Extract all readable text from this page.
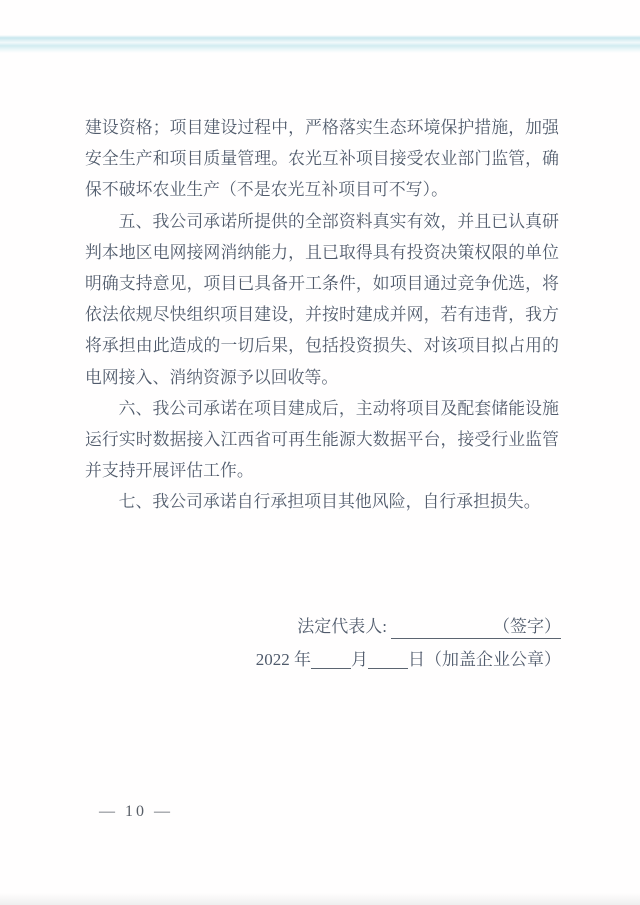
建设资格；项目建设过程中，严格落实生态环境保护措施，加强安全生产和项目质量管理。农光互补项目接受农业部门监管，确保不破坏农业生产（不是农光互补项目可不写）。

五、我公司承诺所提供的全部资料真实有效，并且已认真研判本地区电网接网消纳能力，且已取得具有投资决策权限的单位明确支持意见，项目已具备开工条件，如项目通过竞争优选，将依法依规尽快组织项目建设，并按时建成并网，若有违背，我方将承担由此造成的一切后果，包括投资损失、对该项目拟占用的电网接入、消纳资源予以回收等。

六、我公司承诺在项目建成后，主动将项目及配套储能设施运行实时数据接入江西省可再生能源大数据平台，接受行业监管并支持开展评估工作。

七、我公司承诺自行承担项目其他风险，自行承担损失。

法定代表人:	（签字）
2022 年 月 日（加盖企业公章）
— 10 —
